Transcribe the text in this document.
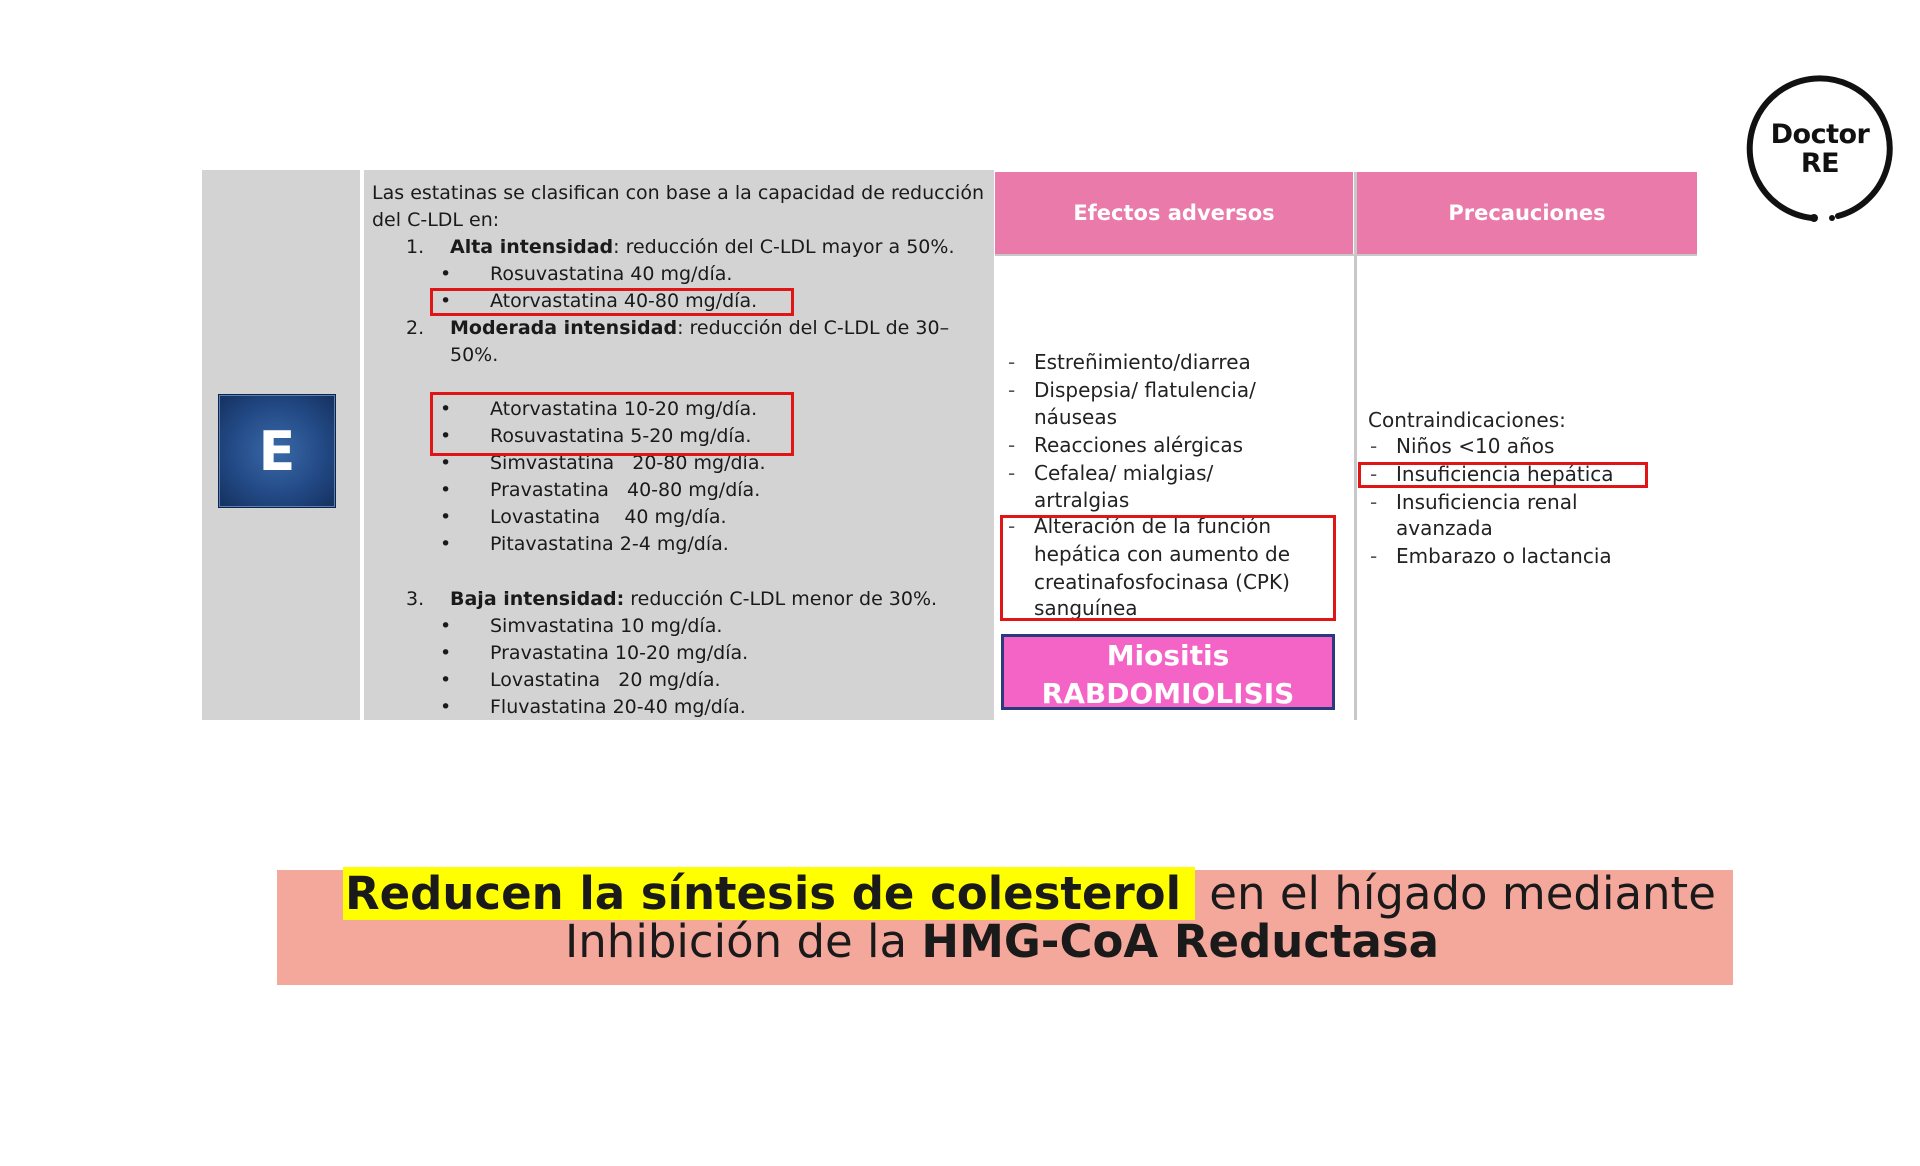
Doctor
RE
E
Las estatinas se clasifican con base a la capacidad de reducción del C-LDL en:
1. Alta intensidad: reducción del C-LDL mayor a 50%.
• Rosuvastatina 40 mg/día.
• Atorvastatina 40-80 mg/día.
2. Moderada intensidad: reducción del C-LDL de 30–
50%.
• Atorvastatina 10-20 mg/día.
• Rosuvastatina 5-20 mg/día.
• Simvastatina   20-80 mg/día.
• Pravastatina   40-80 mg/día.
• Lovastatina    40 mg/día.
• Pitavastatina 2-4 mg/día.
3. Baja intensidad: reducción C-LDL menor de 30%.
• Simvastatina 10 mg/día.
• Pravastatina 10-20 mg/día.
• Lovastatina   20 mg/día.
• Fluvastatina 20-40 mg/día.
Efectos adversos	Precauciones
- Estreñimiento/diarrea
- Dispepsia/ flatulencia/
náuseas
- Reacciones alérgicas
- Cefalea/ mialgias/
artralgias
- Alteración de la función
hepática con aumento de
creatinafosfocinasa (CPK)
sanguínea
Miositis
RABDOMIOLISIS
Contraindicaciones:
- Niños <10 años
- Insuficiencia hepática
- Insuficiencia renal
avanzada
- Embarazo o lactancia
Reducen la síntesis de colesterol en el hígado mediante
Inhibición de la HMG-CoA Reductasa
